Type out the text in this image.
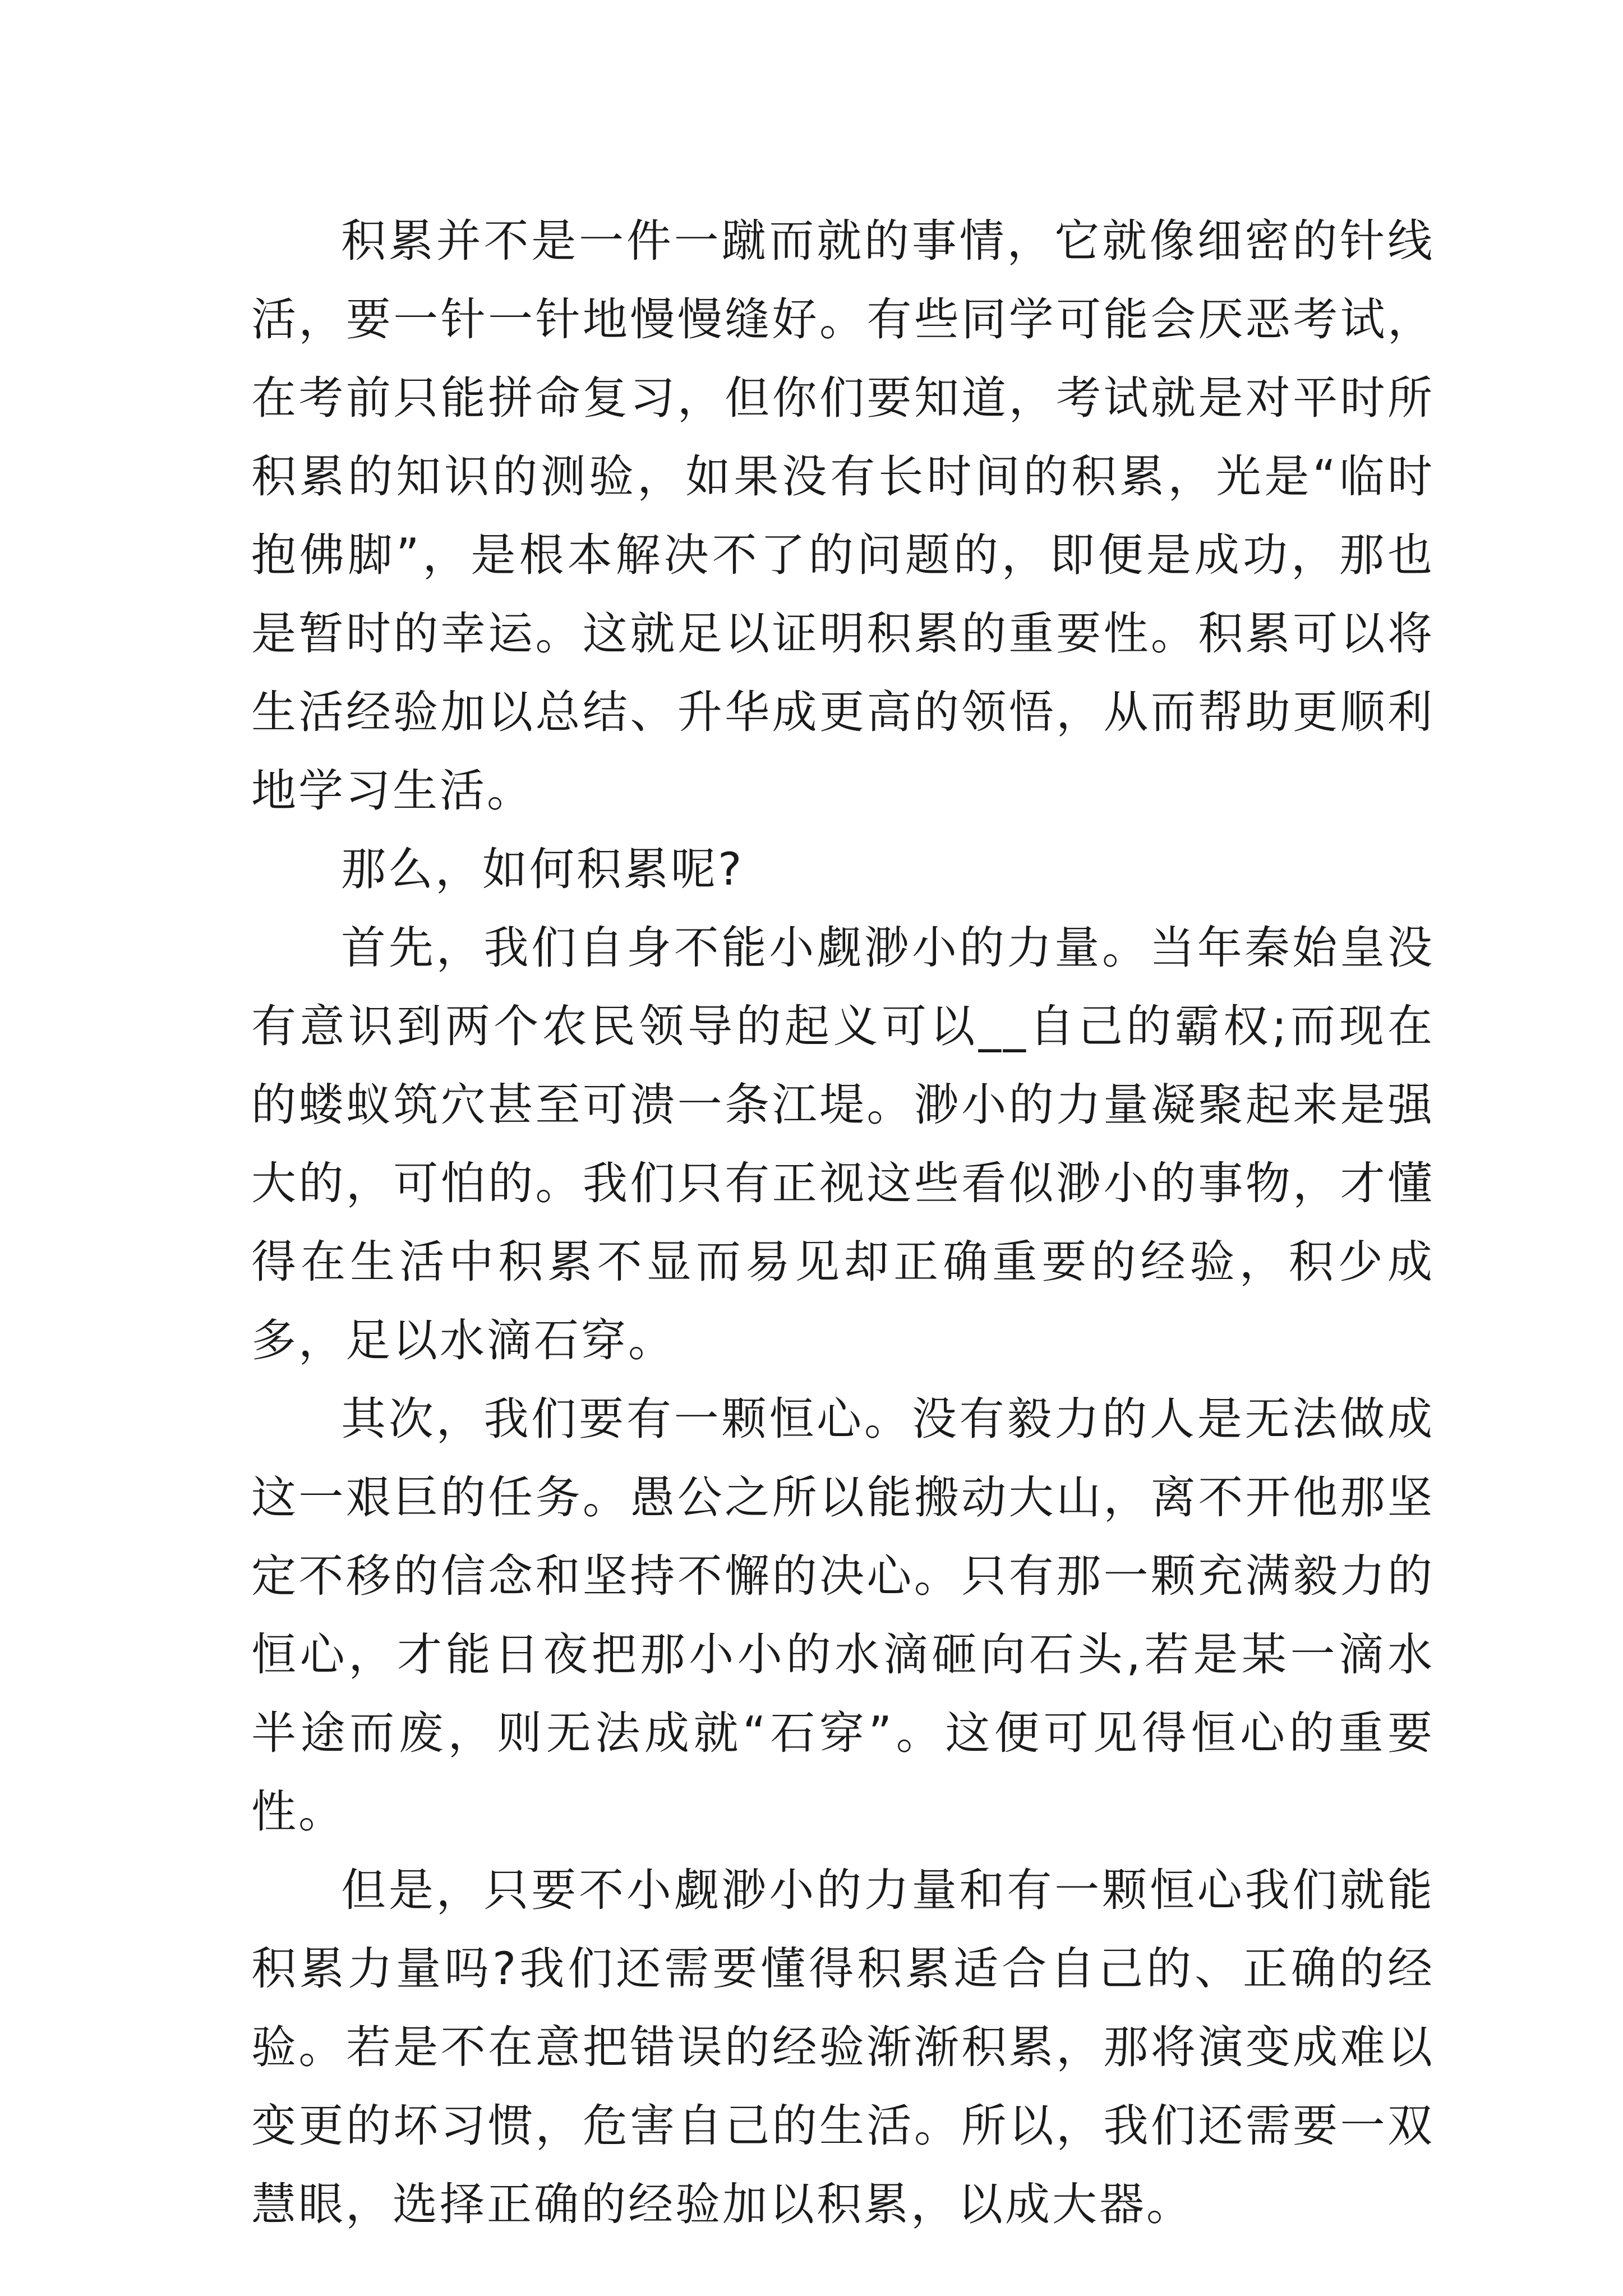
积累并不是一件一蹴而就的事情，它就像细密的针线活，要一针一针地慢慢缝好。有些同学可能会厌恶考试，在考前只能拼命复习，但你们要知道，考试就是对平时所积累的知识的测验，如果没有长时间的积累，光是“临时抱佛脚”，是根本解决不了的问题的，即便是成功，那也是暂时的幸运。这就足以证明积累的重要性。积累可以将生活经验加以总结、升华成更高的领悟，从而帮助更顺利地学习生活。

那么，如何积累呢?

首先，我们自身不能小觑渺小的力量。当年秦始皇没有意识到两个农民领导的起义可以__自己的霸权;而现在的蝼蚁筑穴甚至可溃一条江堤。渺小的力量凝聚起来是强大的，可怕的。我们只有正视这些看似渺小的事物，才懂得在生活中积累不显而易见却正确重要的经验，积少成多，足以水滴石穿。

其次，我们要有一颗恒心。没有毅力的人是无法做成这一艰巨的任务。愚公之所以能搬动大山，离不开他那坚定不移的信念和坚持不懈的决心。只有那一颗充满毅力的恒心，才能日夜把那小小的水滴砸向石头,若是某一滴水半途而废，则无法成就“石穿”。这便可见得恒心的重要性。

但是，只要不小觑渺小的力量和有一颗恒心我们就能积累力量吗?我们还需要懂得积累适合自己的、正确的经验。若是不在意把错误的经验渐渐积累，那将演变成难以变更的坏习惯，危害自己的生活。所以，我们还需要一双慧眼，选择正确的经验加以积累，以成大器。
